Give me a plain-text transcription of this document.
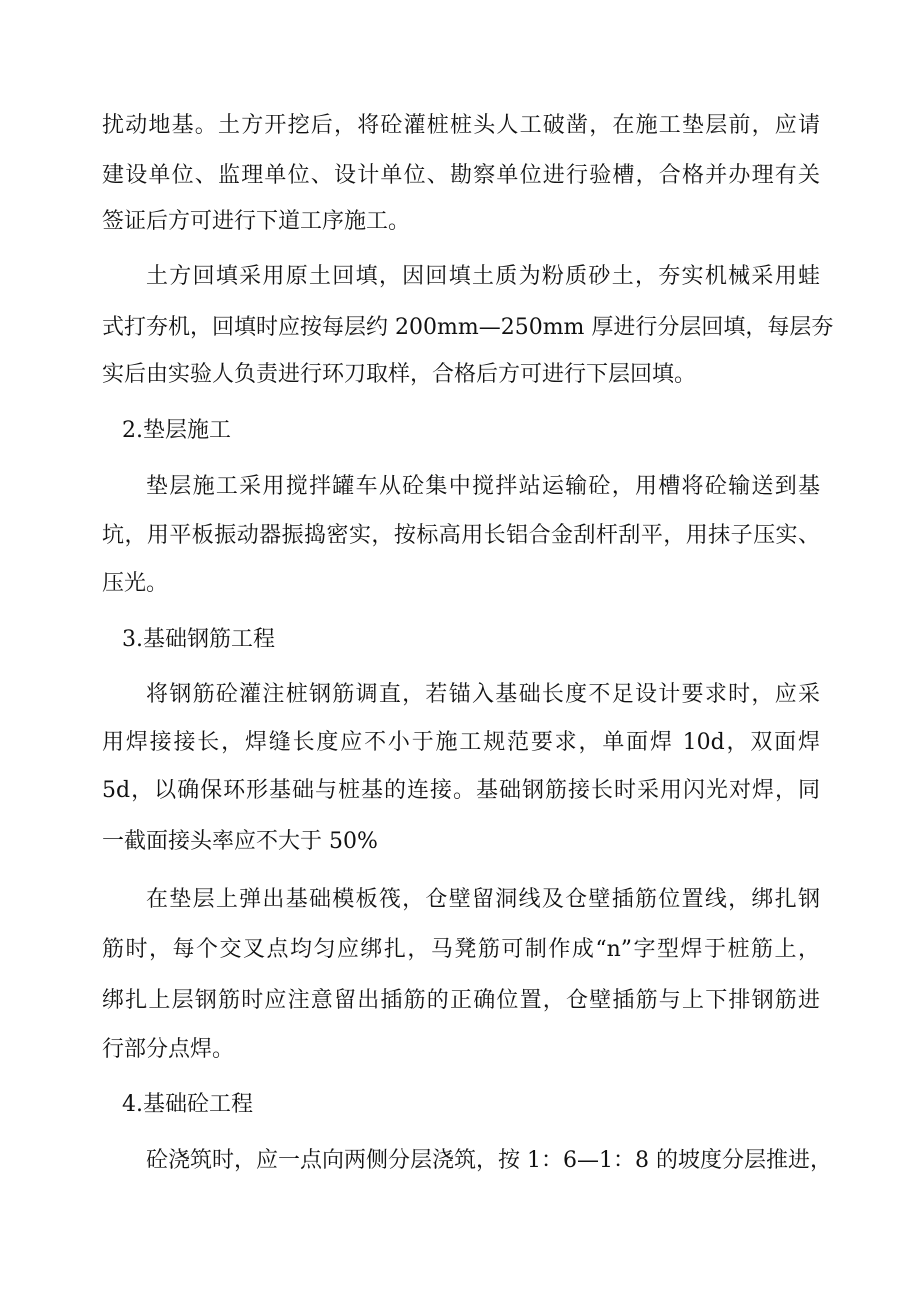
扰动地基。土方开挖后，将砼灌桩桩头人工破凿，在施工垫层前，应请
建设单位、监理单位、设计单位、勘察单位进行验槽，合格并办理有关
签证后方可进行下道工序施工。
土方回填采用原土回填，因回填土质为粉质砂土，夯实机械采用蛙
式打夯机，回填时应按每层约 200mm—250mm 厚进行分层回填，每层夯
实后由实验人负责进行环刀取样，合格后方可进行下层回填。
2.垫层施工
垫层施工采用搅拌罐车从砼集中搅拌站运输砼，用槽将砼输送到基
坑，用平板振动器振捣密实，按标高用长铝合金刮杆刮平，用抹子压实、
压光。
3.基础钢筋工程
将钢筋砼灌注桩钢筋调直，若锚入基础长度不足设计要求时，应采
用焊接接长，焊缝长度应不小于施工规范要求，单面焊 10d，双面焊
5d，以确保环形基础与桩基的连接。基础钢筋接长时采用闪光对焊，同
一截面接头率应不大于 50%
在垫层上弹出基础模板筏，仓壁留洞线及仓壁插筋位置线，绑扎钢
筋时，每个交叉点均匀应绑扎，马凳筋可制作成“n”字型焊于桩筋上，
绑扎上层钢筋时应注意留出插筋的正确位置，仓壁插筋与上下排钢筋进
行部分点焊。
4.基础砼工程
砼浇筑时，应一点向两侧分层浇筑，按 1：6—1：8 的坡度分层推进，
